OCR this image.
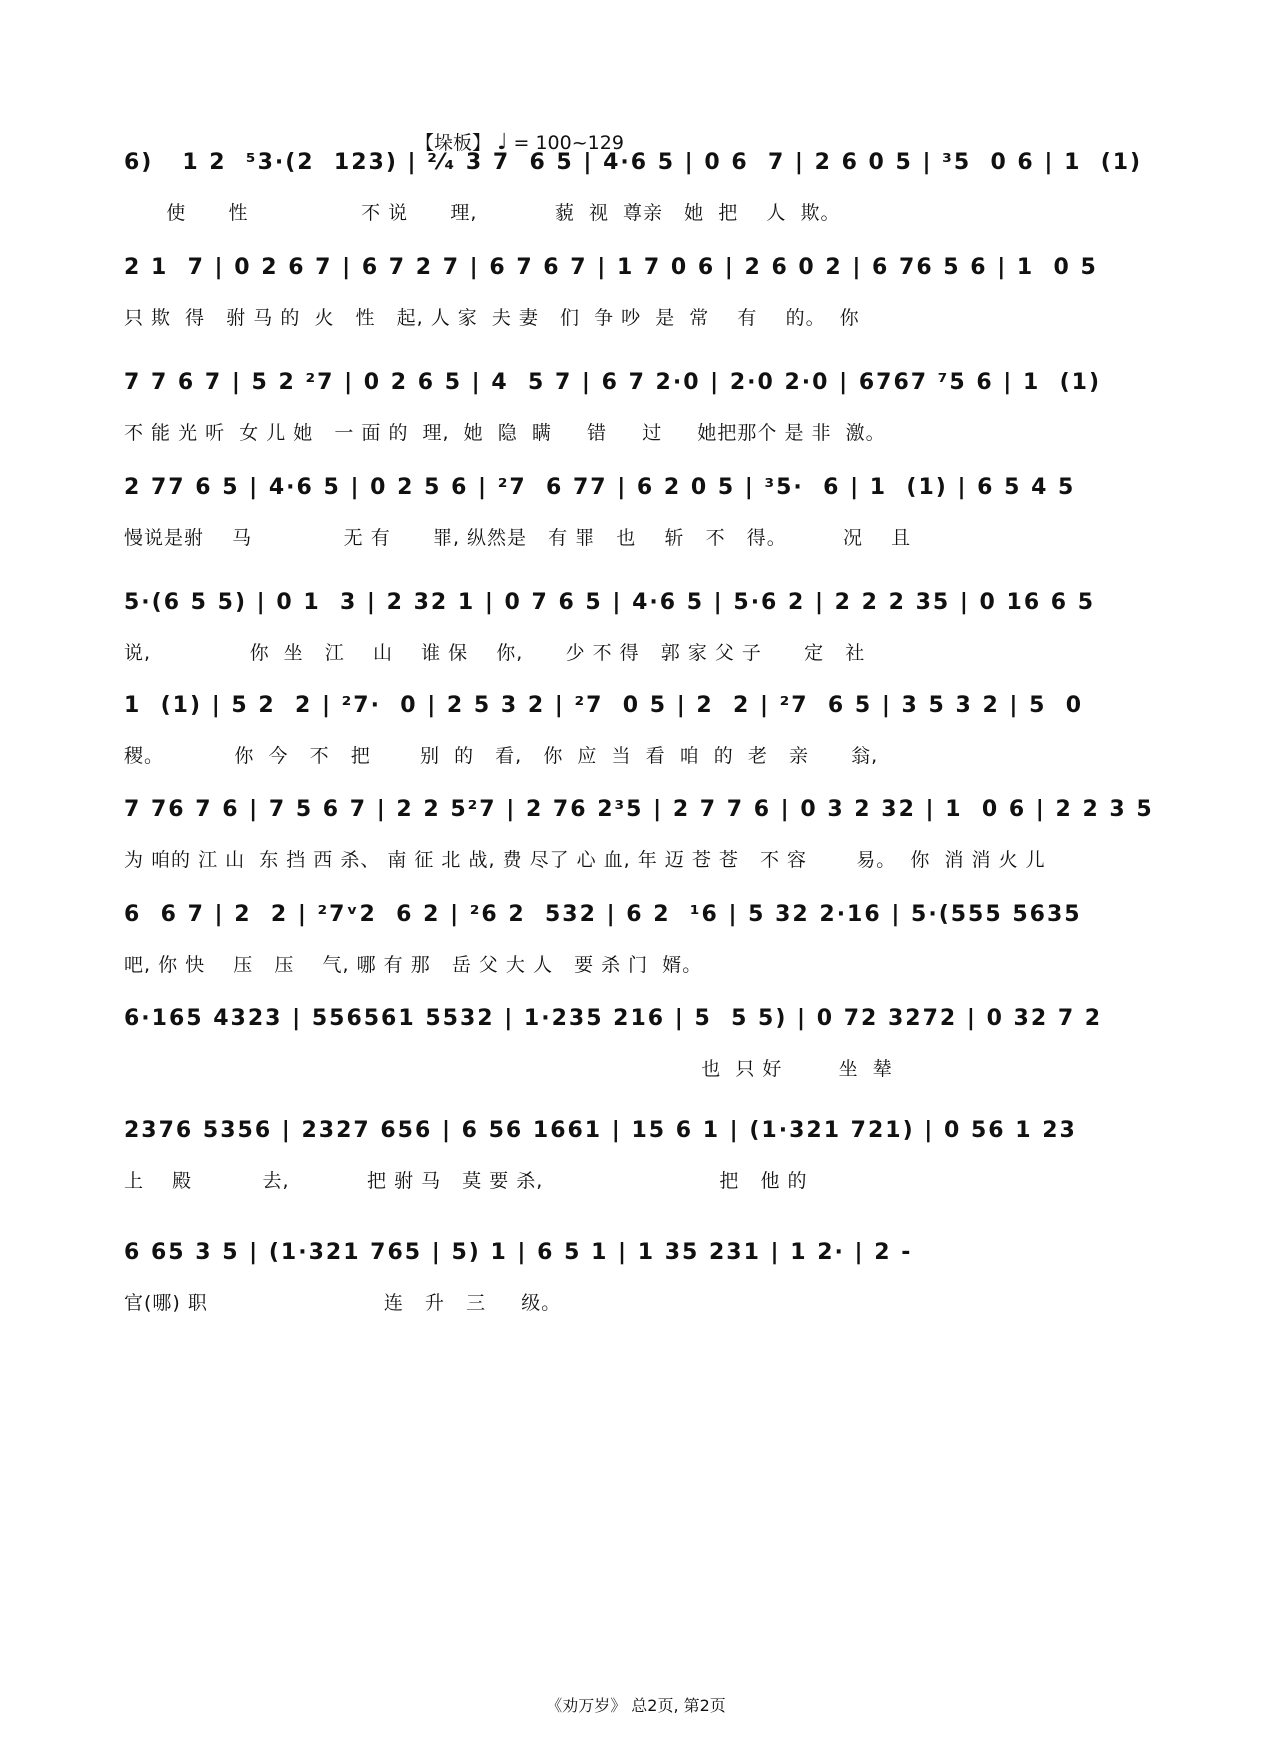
【垛板】 ♩ = 100~129
6)   1 2  ⁵3·(2  123) | ²⁄₄ 3 7  6 5 | 4·6 5 | 0 6  7 | 2 6 0 5 | ³5  0 6 | 1  (1)
使      性                不 说      理,           藐  视  尊亲   她  把    人  欺。
2 1  7 | 0 2 6 7 | 6 7 2 7 | 6 7 6 7 | 1 7 0 6 | 2 6 0 2 | 6 76 5 6 | 1  0 5
只 欺  得   驸 马 的  火   性   起, 人 家  夫 妻   们  争 吵  是  常    有    的。  你
7 7 6 7 | 5 2 ²7 | 0 2 6 5 | 4  5 7 | 6 7 2·0 | 2·0 2·0 | 6767 ⁷5 6 | 1  (1)
不 能 光 听  女 儿 她   一 面 的  理,  她  隐  瞒     错     过     她把那个 是 非  激。
2 77 6 5 | 4·6 5 | 0 2 5 6 | ²7  6 77 | 6 2 0 5 | ³5·  6 | 1  (1) | 6 5 4 5
慢说是驸    马             无 有      罪, 纵然是   有 罪   也    斩   不   得。        况    且
5·(6 5 5) | 0 1  3 | 2 32 1 | 0 7 6 5 | 4·6 5 | 5·6 2 | 2 2 2 35 | 0 16 6 5
说,              你  坐   江    山    谁 保    你,      少 不 得   郭 家 父 子      定   社
1  (1) | 5 2  2 | ²7·  0 | 2 5 3 2 | ²7  0 5 | 2  2 | ²7  6 5 | 3 5 3 2 | 5  0
稷。          你  今   不   把       别  的   看,   你  应  当  看  咱  的  老   亲      翁,
7 76 7 6 | 7 5 6 7 | 2 2 5²7 | 2 76 2³5 | 2 7 7 6 | 0 3 2 32 | 1  0 6 | 2 2 3 5
为 咱的 江 山  东 挡 西 杀、 南 征 北 战, 费 尽了 心 血, 年 迈 苍 苍   不 容       易。  你  消 消 火 儿
6  6 7 | 2  2 | ²7ᵛ2  6 2 | ²6 2  532 | 6 2  ¹6 | 5 32 2·16 | 5·(555 5635
吧, 你 快    压   压    气, 哪 有 那   岳 父 大 人   要 杀 门  婿。
6·165 4323 | 556561 5532 | 1·235 216 | 5  5 5) | 0 72 3272 | 0 32 7 2
也  只 好        坐  辇
2376 5356 | 2327 656 | 6 56 1661 | 15 6 1 | (1·321 721) | 0 56 1 23
上    殿          去,           把 驸 马   莫 要 杀,                         把   他 的
6 65 3 5 | (1·321 765 | 5) 1 | 6 5 1 | 1 35 231 | 1 2· | 2 -
官(哪) 职                         连   升   三     级。
《劝万岁》 总2页, 第2页
